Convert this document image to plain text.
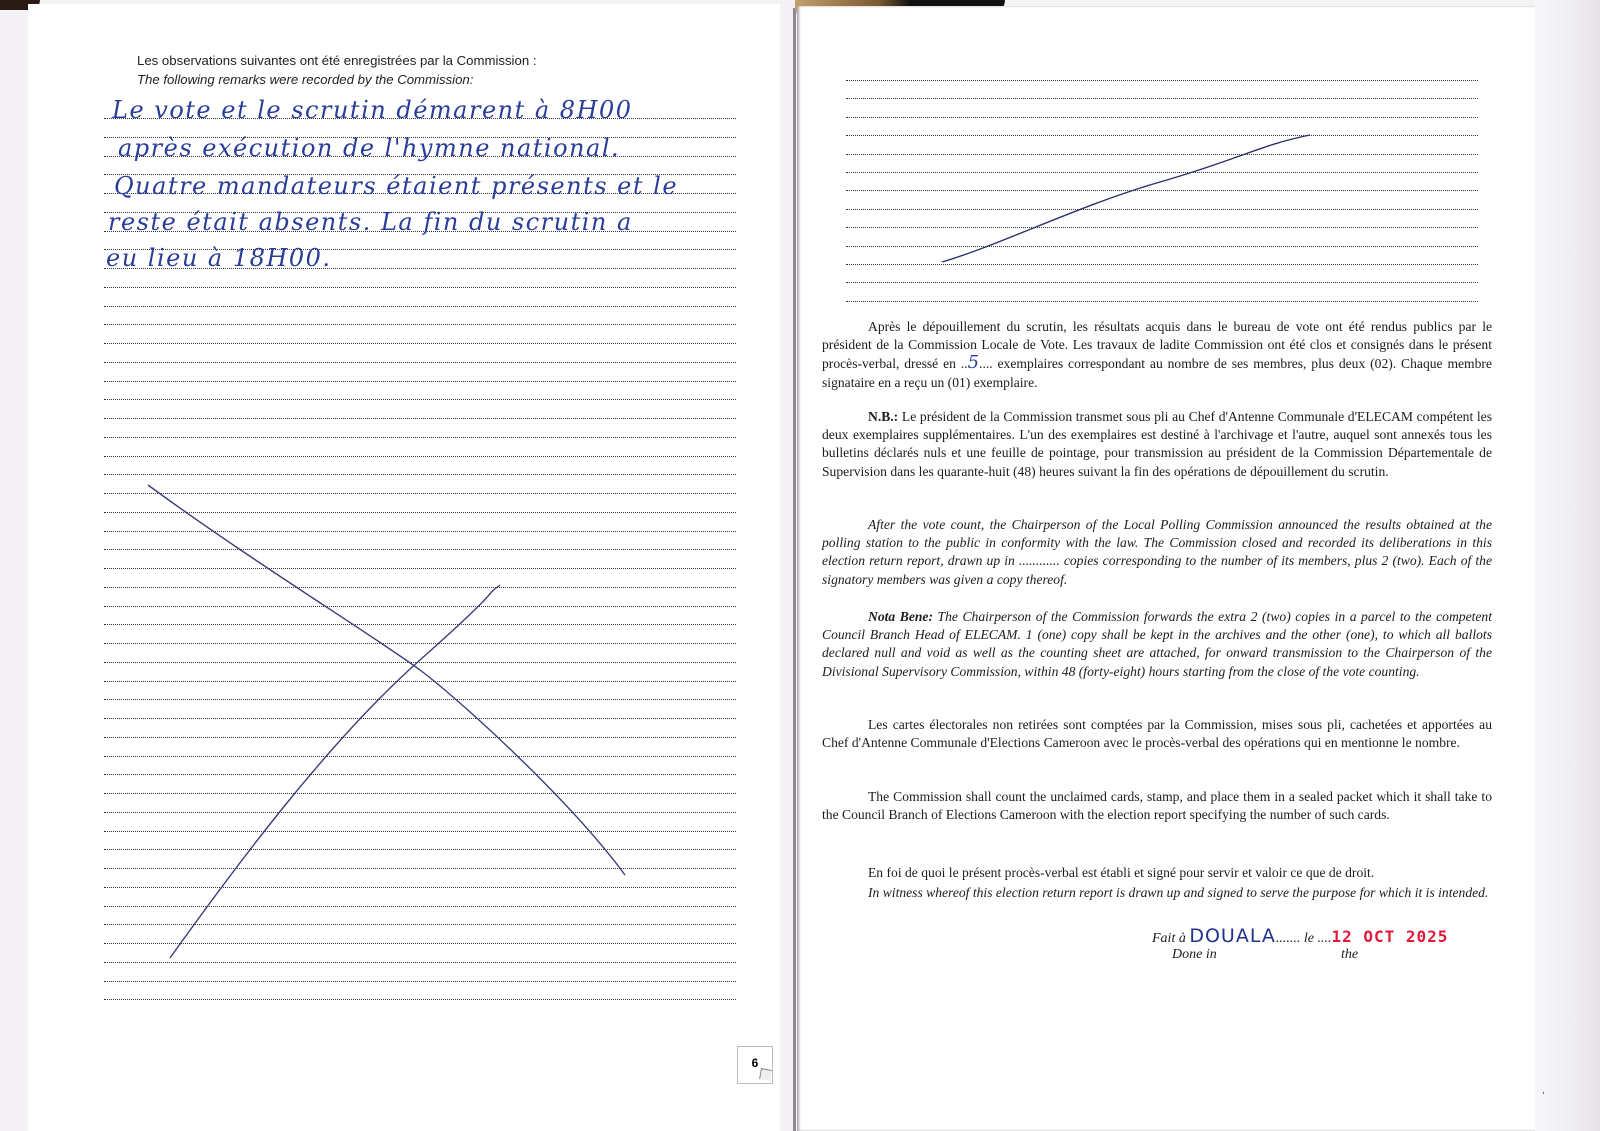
Les observations suivantes ont été enregistrées par la Commission :
The following remarks were recorded by the Commission:
Le vote et le scrutin démarent à 8H00
après exécution de l'hymne national.
Quatre mandateurs étaient présents et le
reste était absents. La fin du scrutin a
eu lieu à 18H00.
6
,
Après le dépouillement du scrutin, les résultats acquis dans le bureau de vote ont été rendus publics par le président de la Commission Locale de Vote. Les travaux de ladite Commission ont été clos et consignés dans le présent procès-verbal, dressé en ..5.... exemplaires correspondant au nombre de ses membres, plus deux (02). Chaque membre signataire en a reçu un (01) exemplaire.
N.B.: Le président de la Commission transmet sous pli au Chef d'Antenne Communale d'ELECAM compétent les deux exemplaires supplémentaires. L'un des exemplaires est destiné à l'archivage et l'autre, auquel sont annexés tous les bulletins déclarés nuls et une feuille de pointage, pour transmission au président de la Commission Départementale de Supervision dans les quarante-huit (48) heures suivant la fin des opérations de dépouillement du scrutin.
After the vote count, the Chairperson of the Local Polling Commission announced the results obtained at the polling station to the public in conformity with the law. The Commission closed and recorded its deliberations in this election return report, drawn up in ............ copies corresponding to the number of its members, plus 2 (two). Each of the signatory members was given a copy thereof.
Nota Bene: The Chairperson of the Commission forwards the extra 2 (two) copies in a parcel to the competent Council Branch Head of ELECAM. 1 (one) copy shall be kept in the archives and the other (one), to which all ballots declared null and void as well as the counting sheet are attached, for onward transmission to the Chairperson of the Divisional Supervisory Commission, within 48 (forty-eight) hours starting from the close of the vote counting.
Les cartes électorales non retirées sont comptées par la Commission, mises sous pli, cachetées et apportées au Chef d'Antenne Communale d'Elections Cameroon avec le procès-verbal des opérations qui en mentionne le nombre.
The Commission shall count the unclaimed cards, stamp, and place them in a sealed packet which it shall take to the Council Branch of Elections Cameroon with the election report specifying the number of such cards.
En foi de quoi le présent procès-verbal est établi et signé pour servir et valoir ce que de droit.
In witness whereof this election return report is drawn up and signed to serve the purpose for which it is intended.
Fait à DOUALA....... le ....12 OCT 2025
Done in	the
